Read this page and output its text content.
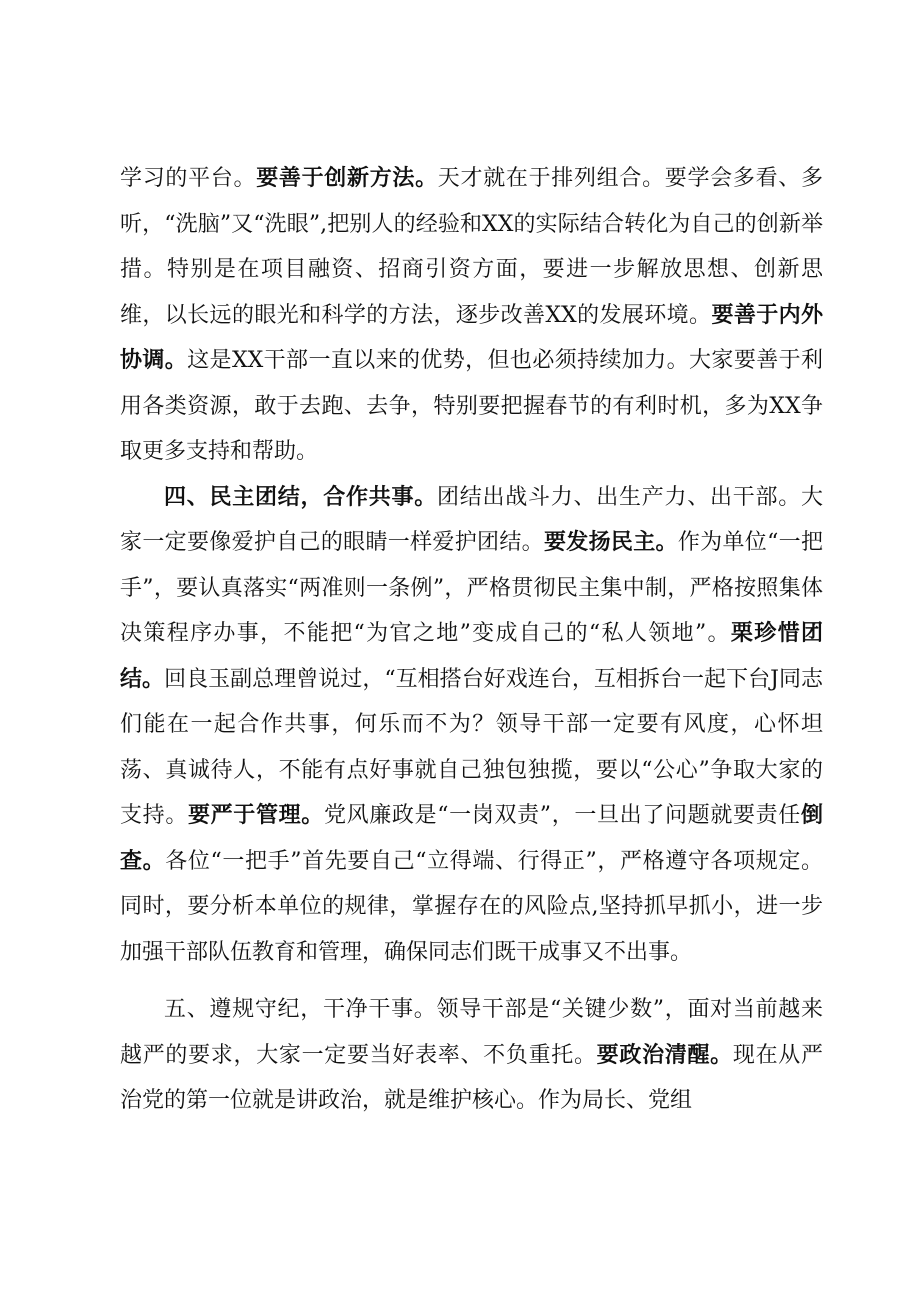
学习的平台。要善于创新方法。天才就在于排列组合。要学会多看、多听，“洗脑”又“洗眼”,把别人的经验和XX的实际结合转化为自己的创新举措。特别是在项目融资、招商引资方面，要进一步解放思想、创新思维，以长远的眼光和科学的方法，逐步改善XX的发展环境。要善于内外协调。这是XX干部一直以来的优势，但也必须持续加力。大家要善于利用各类资源，敢于去跑、去争，特别要把握春节的有利时机，多为XX争取更多支持和帮助。

四、民主团结，合作共事。团结出战斗力、出生产力、出干部。大家一定要像爱护自己的眼睛一样爱护团结。要发扬民主。作为单位“一把手”，要认真落实“两准则一条例”，严格贯彻民主集中制，严格按照集体决策程序办事，不能把“为官之地”变成自己的“私人领地”。栗珍惜团结。回良玉副总理曾说过，“互相搭台好戏连台，互相拆台一起下台J同志们能在一起合作共事，何乐而不为？领导干部一定要有风度，心怀坦荡、真诚待人，不能有点好事就自己独包独揽，要以“公心”争取大家的支持。要严于管理。党风廉政是“一岗双责”，一旦出了问题就要责任倒查。各位“一把手”首先要自己“立得端、行得正”，严格遵守各项规定。同时，要分析本单位的规律，掌握存在的风险点,坚持抓早抓小，进一步加强干部队伍教育和管理，确保同志们既干成事又不出事。

五、遵规守纪，干净干事。领导干部是“关键少数”，面对当前越来越严的要求，大家一定要当好表率、不负重托。要政治清醒。现在从严治党的第一位就是讲政治，就是维护核心。作为局长、党组
